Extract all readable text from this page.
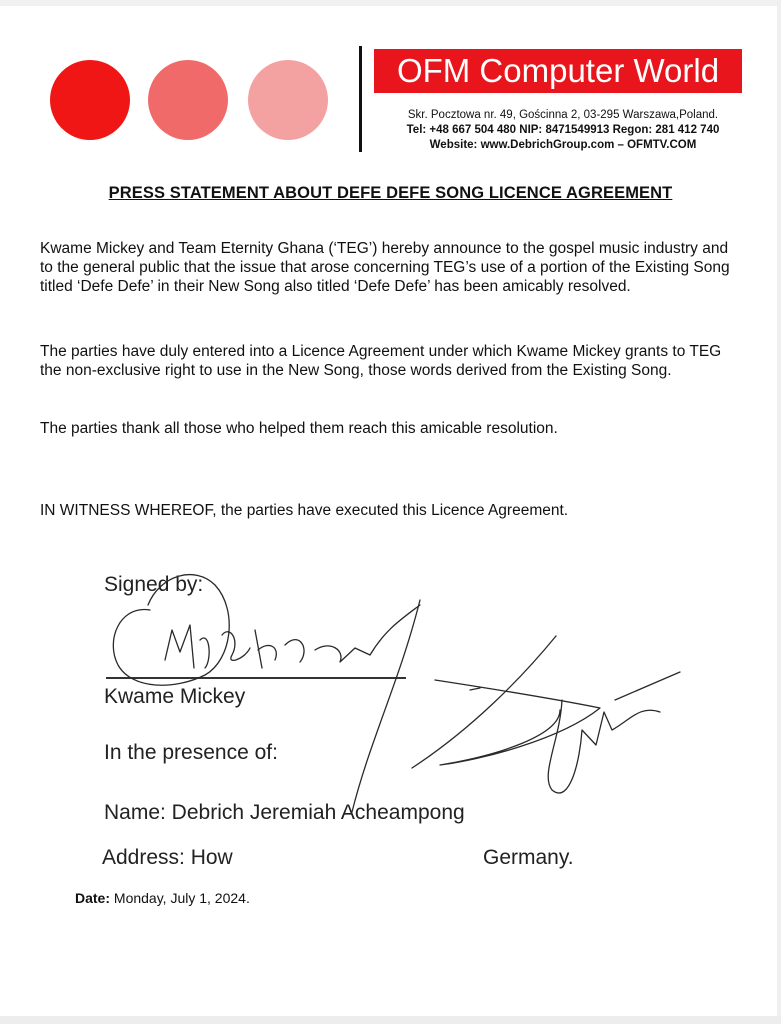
OFM Computer World
Skr. Pocztowa nr. 49, Gościnna 2, 03-295 Warszawa,Poland.
Tel: +48 667 504 480 NIP: 8471549913 Regon: 281 412 740
Website: www.DebrichGroup.com – OFMTV.COM
PRESS STATEMENT ABOUT DEFE DEFE SONG LICENCE AGREEMENT
Kwame Mickey and Team Eternity Ghana (‘TEG’) hereby announce to the gospel music industry and to the general public that the issue that arose concerning TEG’s use of a portion of the Existing Song titled ‘Defe Defe’ in their New Song also titled ‘Defe Defe’ has been amicably resolved.
The parties have duly entered into a Licence Agreement under which Kwame Mickey grants to TEG the non-exclusive right to use in the New Song, those words derived from the Existing Song.
The parties thank all those who helped them reach this amicable resolution.
IN WITNESS WHEREOF, the parties have executed this Licence Agreement.
Signed by:
Kwame Mickey
In the presence of:
Name: Debrich Jeremiah Acheampong
Address: How	Germany.
Date: Monday, July 1, 2024.
